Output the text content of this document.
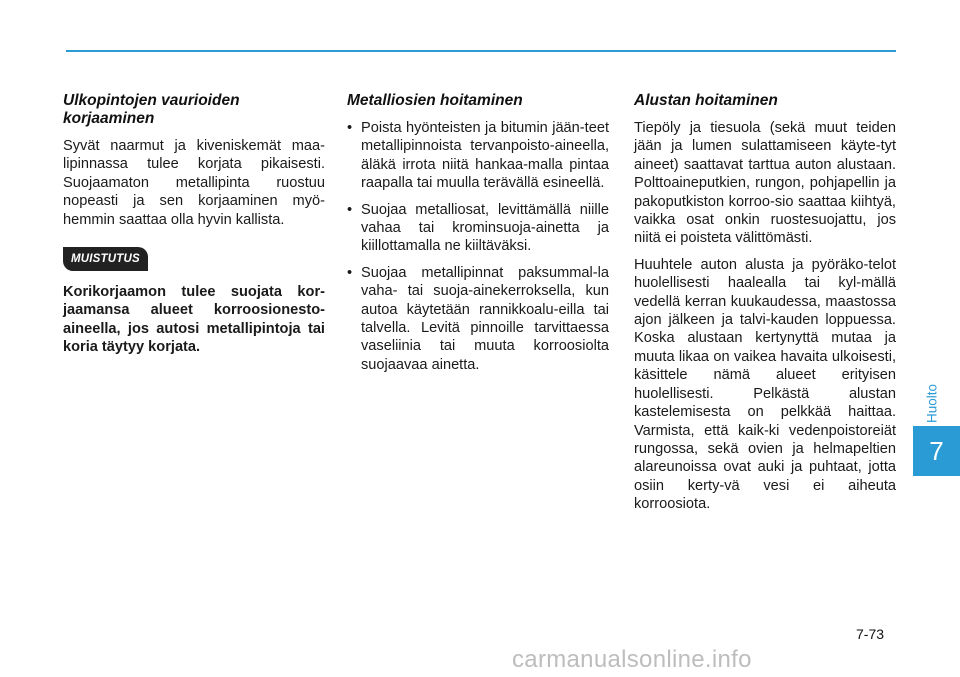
Ulkopintojen vaurioiden korjaaminen

Syvät naarmut ja kiveniskemät maa-lipinnassa tulee korjata pikaisesti. Suojaamaton metallipinta ruostuu nopeasti ja sen korjaaminen myö-hemmin saattaa olla hyvin kallista.

MUISTUTUS

Korikorjaamon tulee suojata kor-jaamansa alueet korroosionesto-aineella, jos autosi metallipintoja tai koria täytyy korjata.

Metalliosien hoitaminen
• Poista hyönteisten ja bitumin jään-teet metallipinnoista tervanpoisto-aineella, äläkä irrota niitä hankaa-malla pintaa raapalla tai muulla terävällä esineellä.
• Suojaa metalliosat, levittämällä niille vahaa tai krominsuoja-ainetta ja kiillottamalla ne kiiltäväksi.
• Suojaa metallipinnat paksummal-la vaha- tai suoja-ainekerroksella, kun autoa käytetään rannikkoalu-eilla tai talvella. Levitä pinnoille tarvittaessa vaseliinia tai muuta korroosiolta suojaavaa ainetta.
Alustan hoitaminen

Tiepöly ja tiesuola (sekä muut teiden jään ja lumen sulattamiseen käyte-tyt aineet) saattavat tarttua auton alustaan. Polttoaineputkien, rungon, pohjapellin ja pakoputkiston korroo-sio saattaa kiihtyä, vaikka osat onkin ruostesuojattu, jos niitä ei poisteta välittömästi.

Huuhtele auton alusta ja pyöräko-telot huolellisesti haalealla tai kyl-mällä vedellä kerran kuukaudessa, maastossa ajon jälkeen ja talvi-kauden loppuessa. Koska alustaan kertynyttä mutaa ja muuta likaa on vaikea havaita ulkoisesti, käsittele nämä alueet erityisen huolellisesti. Pelkästä alustan kastelemisesta on pelkkää haittaa. Varmista, että kaik-ki vedenpoistoreiät rungossa, sekä ovien ja helmapeltien alareunoissa ovat auki ja puhtaat, jotta osiin kerty-vä vesi ei aiheuta korroosiota.

Huolto
7
7-73
carmanualsonline.info
